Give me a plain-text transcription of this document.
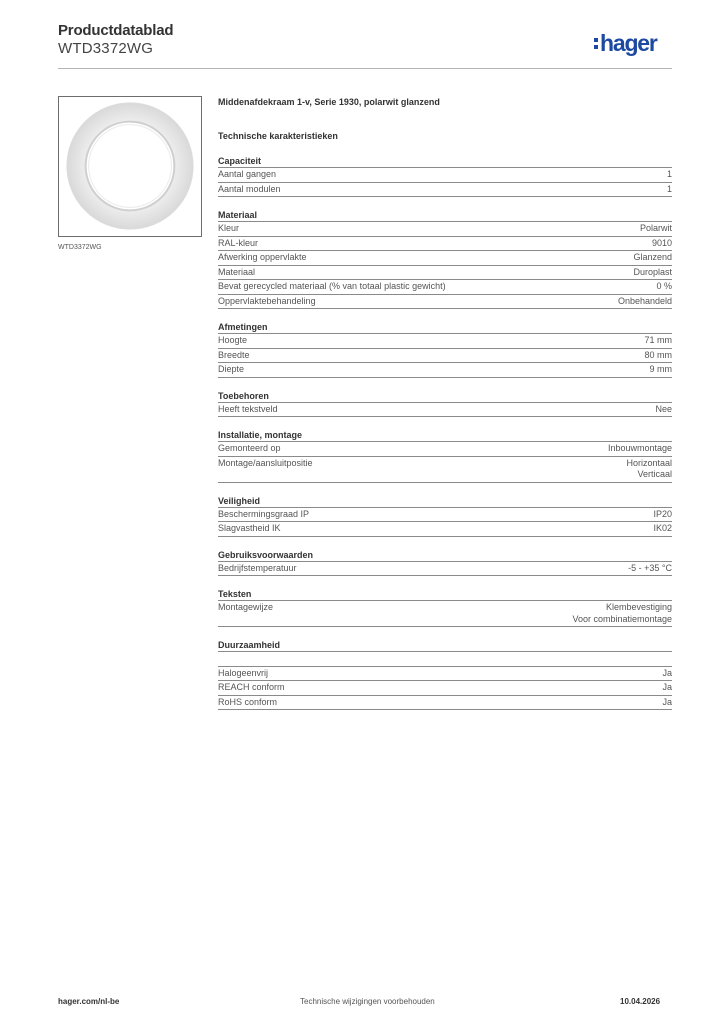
Productdatablad
WTD3372WG	hager
WTD3372WG
Middenafdekraam 1-v, Serie 1930, polarwit glanzend
Technische karakteristieken
Capaciteit
Aantal gangen	1
Aantal modulen	1
Materiaal
Kleur	Polarwit
RAL-kleur	9010
Afwerking oppervlakte	Glanzend
Materiaal	Duroplast
Bevat gerecycled materiaal (% van totaal plastic gewicht)	0 %
Oppervlaktebehandeling	Onbehandeld
Afmetingen
Hoogte	71 mm
Breedte	80 mm
Diepte	9 mm
Toebehoren
Heeft tekstveld	Nee
Installatie, montage
Gemonteerd op	Inbouwmontage
Montage/aansluitpositie	Horizontaal
Verticaal
Veiligheid
Beschermingsgraad IP	IP20
Slagvastheid IK	IK02
Gebruiksvoorwaarden
Bedrijfstemperatuur	-5 - +35 °C
Teksten
Montagewijze	Klembevestiging
Voor combinatiemontage
Duurzaamheid
Halogeenvrij	Ja
REACH conform	Ja
RoHS conform	Ja
hager.com/nl-be	Technische wijzigingen voorbehouden	10.04.2026
